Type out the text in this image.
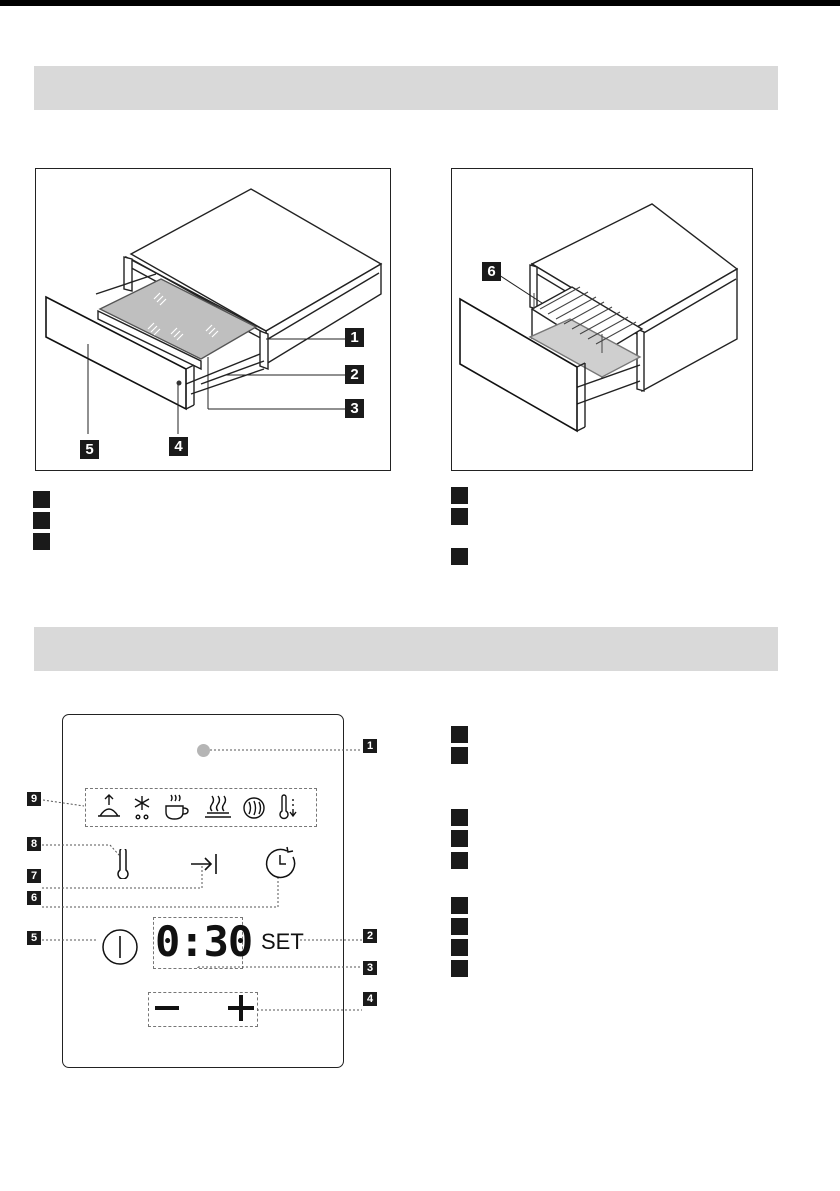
1
2
3
4
5
6
0:30 SET
1
2
3
4
5
6
7
8
9
